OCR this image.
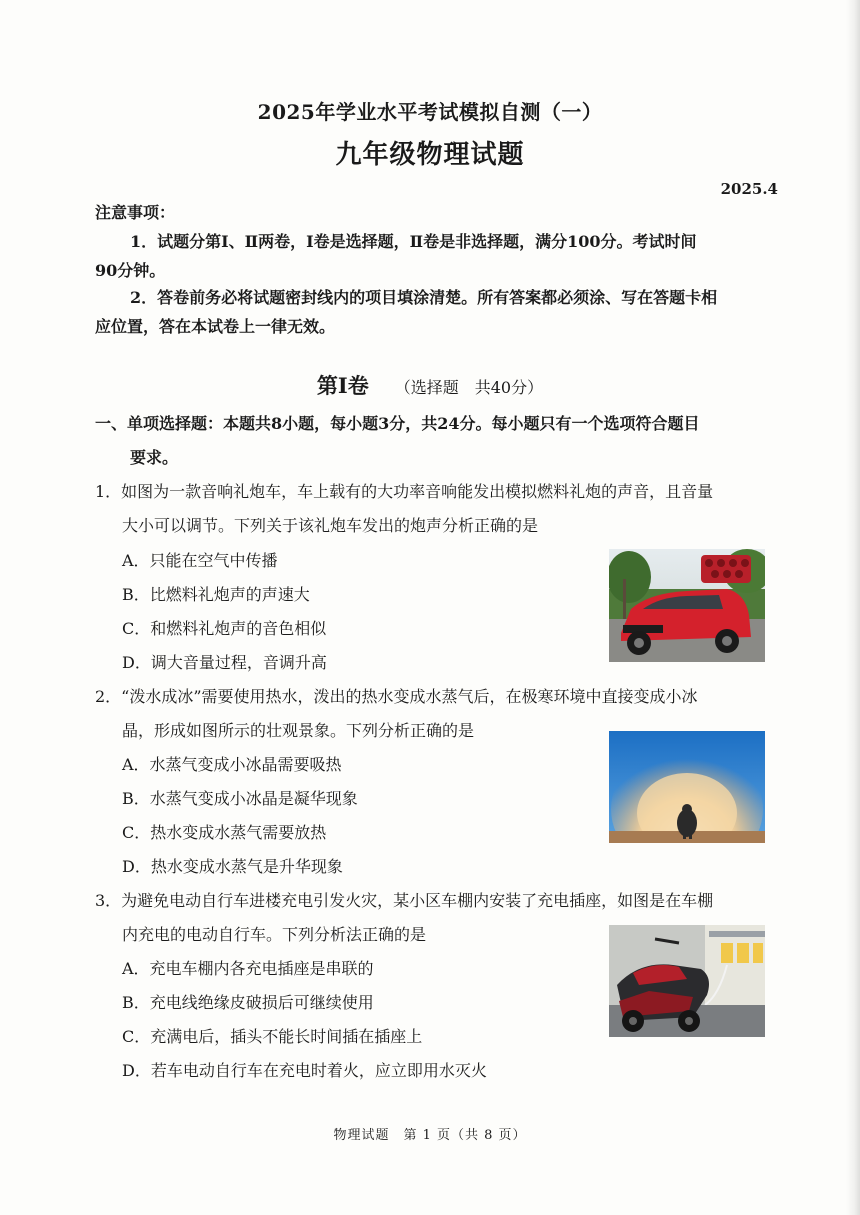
2025年学业水平考试模拟自测（一）
九年级物理试题
2025.4
注意事项：
1．试题分第Ⅰ、Ⅱ两卷，Ⅰ卷是选择题，Ⅱ卷是非选择题，满分100分。考试时间
90分钟。
2．答卷前务必将试题密封线内的项目填涂清楚。所有答案都必须涂、写在答题卡相
应位置，答在本试卷上一律无效。
第Ⅰ卷 （选择题　共40分）
一、单项选择题：本题共8小题，每小题3分，共24分。每小题只有一个选项符合题目
要求。
1．如图为一款音响礼炮车，车上载有的大功率音响能发出模拟燃料礼炮的声音，且音量
大小可以调节。下列关于该礼炮车发出的炮声分析正确的是
A．只能在空气中传播
B．比燃料礼炮声的声速大
C．和燃料礼炮声的音色相似
D．调大音量过程，音调升高
2．“泼水成冰”需要使用热水，泼出的热水变成水蒸气后，在极寒环境中直接变成小冰
晶，形成如图所示的壮观景象。下列分析正确的是
A．水蒸气变成小冰晶需要吸热
B．水蒸气变成小冰晶是凝华现象
C．热水变成水蒸气需要放热
D．热水变成水蒸气是升华现象
3．为避免电动自行车进楼充电引发火灾，某小区车棚内安装了充电插座，如图是在车棚
内充电的电动自行车。下列分析法正确的是
A．充电车棚内各充电插座是串联的
B．充电线绝缘皮破损后可继续使用
C．充满电后，插头不能长时间插在插座上
D．若车电动自行车在充电时着火，应立即用水灭火
物理试题　第 1 页（共 8 页）
